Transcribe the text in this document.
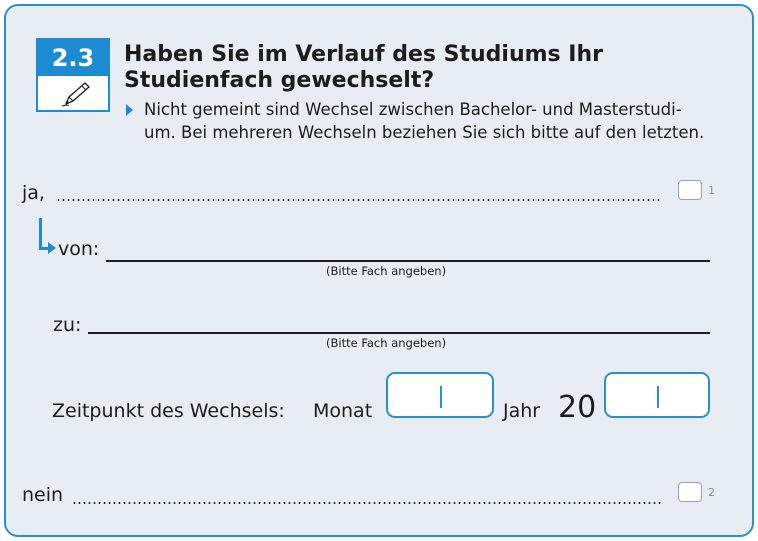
2.3	Haben Sie im Verlauf des Studiums Ihr Studienfach gewechselt?
Nicht gemeint sind Wechsel zwischen Bachelor- und Masterstudi-
um. Bei mehreren Wechseln beziehen Sie sich bitte auf den letzten.
ja,	1
von:
(Bitte Fach angeben)
zu:
(Bitte Fach angeben)
Zeitpunkt des Wechsels: Monat	Jahr 20
nein	2
